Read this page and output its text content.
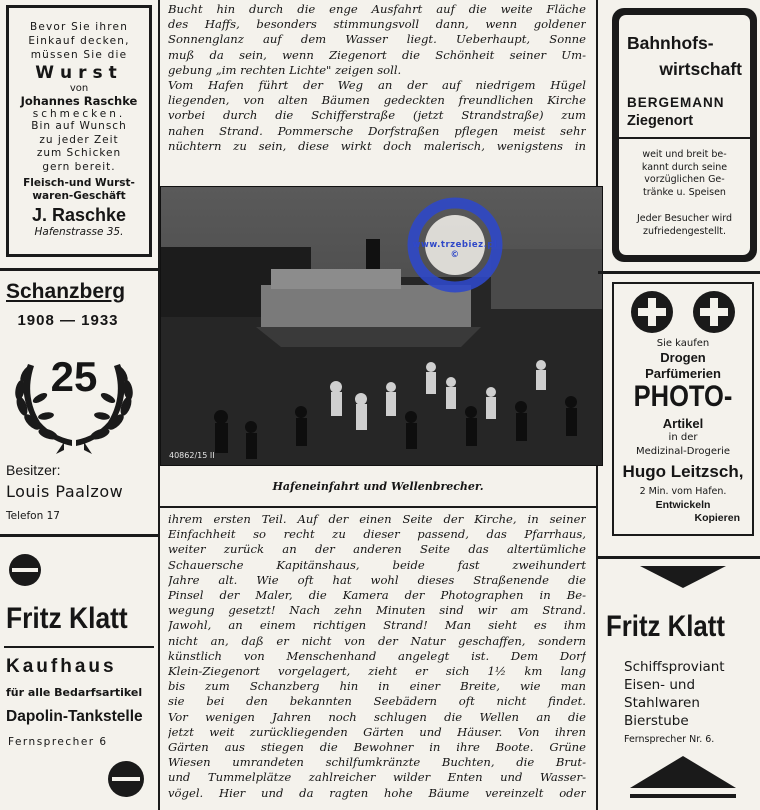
Bevor Sie ihren
Einkauf decken,
müssen Sie die
Wurst
von
Johannes Raschke
schmecken.
Bin auf Wunsch
zu jeder Zeit
zum Schicken
gern bereit.
Fleisch-und Wurst-
waren-Geschäft
J. Raschke
Hafenstrasse 35.
Schanzberg
1908 — 1933
25
Besitzer:
Louis Paalzow
Telefon 17
Fritz Klatt
Kaufhaus
für alle Bedarfsartikel
Dapolin-Tankstelle
Fernsprecher 6
Bucht hin durch die enge Ausfahrt auf die weite Fläche
des Haffs, besonders stimmungsvoll dann, wenn goldener
Sonnenglanz auf dem Wasser liegt. Ueberhaupt, Sonne
muß da sein, wenn Ziegenort die Schönheit seiner Um-
gebung „im rechten Lichte" zeigen soll.
Vom Hafen führt der Weg an der auf niedrigem Hügel
liegenden, von alten Bäumen gedeckten freundlichen Kirche
vorbei durch die Schifferstraße (jetzt Strandstraße) zum
nahen Strand. Pommersche Dorfstraßen pflegen meist sehr
nüchtern zu sein, diese wirkt doch malerisch, wenigstens in
40862/15 II
www.trzebiez.pl ©
Hafeneinfahrt und Wellenbrecher.
ihrem ersten Teil. Auf der einen Seite der Kirche, in seiner
Einfachheit so recht zu dieser passend, das Pfarrhaus,
weiter zurück an der anderen Seite das altertümliche
Schauersche Kapitänshaus, beide fast zweihundert
Jahre alt. Wie oft hat wohl dieses Straßenende die
Pinsel der Maler, die Kamera der Photographen in Be-
wegung gesetzt! Nach zehn Minuten sind wir am Strand.
Jawohl, an einem richtigen Strand! Man sieht es ihm
nicht an, daß er nicht von der Natur geschaffen, sondern
künstlich von Menschenhand angelegt ist. Dem Dorf
Klein-Ziegenort vorgelagert, zieht er sich 1½ km lang
bis zum Schanzberg hin in einer Breite, wie man
sie bei den bekannten Seebädern oft nicht findet.
Vor wenigen Jahren noch schlugen die Wellen an die
jetzt weit zurückliegenden Gärten und Häuser. Von ihren
Gärten aus stiegen die Bewohner in ihre Boote. Grüne
Wiesen umrandeten schilfumkränzte Buchten, die Brut-
und Tummelplätze zahlreicher wilder Enten und Wasser-
vögel. Hier und da ragten hohe Bäume vereinzelt oder
Bahnhofs-
wirtschaft
BERGEMANN
Ziegenort
weit und breit be-
kannt durch seine
vorzüglichen Ge-
tränke u. Speisen
Jeder Besucher wird
zufriedengestellt.
Sie kaufen
Drogen
Parfümerien
PHOTO-
Artikel
in der
Medizinal-Drogerie
Hugo Leitzsch,
2 Min. vom Hafen.
Entwickeln
Kopieren
Fritz Klatt
Schiffsproviant
Eisen- und
Stahlwaren
Bierstube
Fernsprecher Nr. 6.
